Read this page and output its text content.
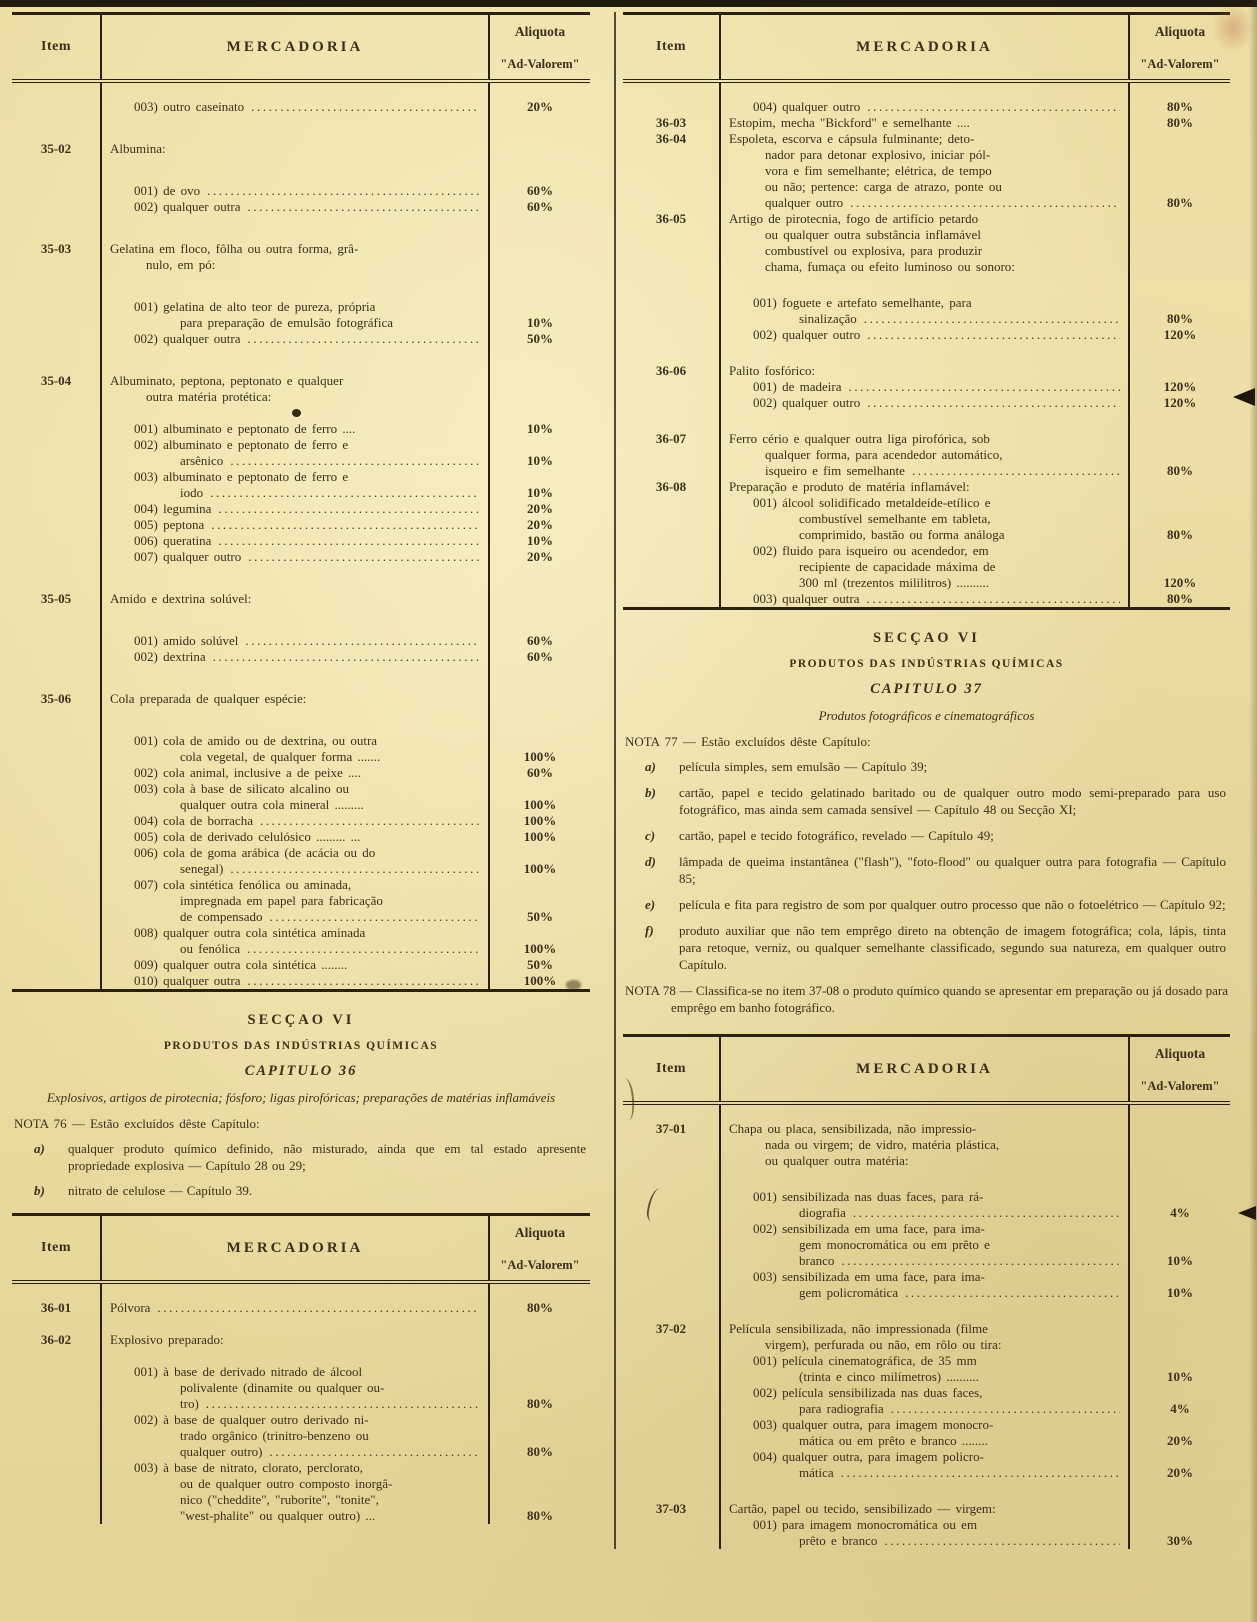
Item	MERCADORIA
Aliquota
"Ad-Valorem"
003) outro caseinato .....	20%
35-02	Albumina:
001) de ovo .....	60%
002) qualquer outra .....	60%
35-03	Gelatina em floco, fôlha ou outra forma, grâ-
nulo, em pó:
001) gelatina de alto teor de pureza, própria
para preparação de emulsão fotográfica	10%
002) qualquer outra .....	50%
35-04	Albuminato, peptona, peptonato e qualquer
outra matéria protética:
001) albuminato e peptonato de ferro ....	10%
002) albuminato e peptonato de ferro e
arsênico .....	10%
003) albuminato e peptonato de ferro e
iodo .....	10%
004) legumina .....	20%
005) peptona .....	20%
006) queratina .....	10%
007) qualquer outro .....	20%
35-05	Amido e dextrina solúvel:
001) amido solúvel .....	60%
002) dextrina .....	60%
35-06	Cola preparada de qualquer espécie:
001) cola de amido ou de dextrina, ou outra
cola vegetal, de qualquer forma .......	100%
002) cola animal, inclusive a de peixe ....	60%
003) cola à base de silicato alcalino ou
qualquer outra cola mineral .........	100%
004) cola de borracha .....	100%
005) cola de derivado celulósico ......... ...	100%
006) cola de goma arábica (de acácia ou do
senegal) .....	100%
007) cola sintética fenólica ou aminada,
impregnada em papel para fabricação
de compensado .....	50%
008) qualquer outra cola sintética aminada
ou fenólica .....	100%
009) qualquer outra cola sintética ........	50%
010) qualquer outra .....	100%
SECÇAO VI
PRODUTOS DAS INDÚSTRIAS QUÍMICAS
CAPITULO 36
Explosivos, artigos de pirotecnia; fósforo; ligas pirofóricas; preparações de matérias inflamáveis
NOTA 76 — Estão excluídos dêste Capítulo:
a)	qualquer produto químico definido, não misturado, ainda que em tal estado apresente propriedade explosiva — Capítulo 28 ou 29;
b)	nitrato de celulose — Capítulo 39.
Item	MERCADORIA
Aliquota
"Ad-Valorem"
36-01	Pólvora .....	80%
36-02	Explosivo preparado:
001) à base de derivado nitrado de álcool
polivalente (dinamite ou qualquer ou-
tro) .....	80%
002) à base de qualquer outro derivado ni-
trado orgânico (trinitro-benzeno ou
qualquer outro) .....	80%
003) à base de nitrato, clorato, perclorato,
ou de qualquer outro composto inorgâ-
nico ("cheddite", "ruborite", "tonite",
"west-phalite" ou qualquer outro) ...	80%
Item	MERCADORIA
Aliquota
"Ad-Valorem"
004) qualquer outro .....	80%
36-03	Estopim, mecha "Bickford" e semelhante ....	80%
36-04	Espoleta, escorva e cápsula fulminante; deto-
nador para detonar explosivo, iniciar pól-
vora e fim semelhante; elétrica, de tempo
ou não; pertence: carga de atrazo, ponte ou
qualquer outro .....	80%
36-05	Artigo de pirotecnia, fogo de artifício petardo
ou qualquer outra substância inflamável
combustível ou explosiva, para produzir
chama, fumaça ou efeito luminoso ou sonoro:
001) foguete e artefato semelhante, para
sinalização .....	80%
002) qualquer outro .....	120%
36-06	Palito fosfórico:
001) de madeira .....	120%
002) qualquer outro .....	120%
36-07	Ferro cério e qualquer outra liga pirofórica, sob
qualquer forma, para acendedor automático,
isqueiro e fim semelhante .....	80%
36-08	Preparação e produto de matéria inflamável:
001) álcool solidificado metaldeíde-etílico e
combustível semelhante em tableta,
comprimido, bastão ou forma análoga	80%
002) fluido para isqueiro ou acendedor, em
recipiente de capacidade máxima de
300 ml (trezentos mililitros) ..........	120%
003) qualquer outra .....	80%
SECÇAO VI
PRODUTOS DAS INDÚSTRIAS QUÍMICAS
CAPITULO 37
Produtos fotográficos e cinematográficos
NOTA 77 — Estão excluídos dêste Capítulo:
a)	película simples, sem emulsão — Capítulo 39;
b)	cartão, papel e tecido gelatinado baritado ou de qualquer outro modo semi-preparado para uso fotográfico, mas ainda sem camada sensível — Capítulo 48 ou Secção XI;
c)	cartão, papel e tecido fotográfico, revelado — Capítulo 49;
d)	lâmpada de queima instantânea ("flash"), "foto-flood" ou qualquer outra para fotografia — Capítulo 85;
e)	película e fita para registro de som por qualquer outro processo que não o fotoelétrico — Capítulo 92;
f)	produto auxiliar que não tem emprêgo direto na obtenção de imagem fotográfica; cola, lápis, tinta para retoque, verniz, ou qualquer semelhante classificado, segundo sua natureza, em qualquer outro Capítulo.
NOTA 78 — Classifica-se no item 37-08 o produto químico quando se apresentar em preparação ou já dosado para emprêgo em banho fotográfico.
Item	MERCADORIA
Aliquota
"Ad-Valorem"
37-01	Chapa ou placa, sensibilizada, não impressio-
nada ou virgem; de vidro, matéria plástica,
ou qualquer outra matéria:
001) sensibilizada nas duas faces, para rá-
diografia .....	4%
002) sensibilizada em uma face, para ima-
gem monocromática ou em prêto e
branco .....	10%
003) sensibilizada em uma face, para ima-
gem policromática .....	10%
37-02	Película sensibilizada, não impressionada (filme
virgem), perfurada ou não, em rôlo ou tira:
001) película cinematográfica, de 35 mm
(trinta e cinco milímetros) ..........	10%
002) película sensibilizada nas duas faces,
para radiografia .....	4%
003) qualquer outra, para imagem monocro-
mática ou em prêto e branco ........	20%
004) qualquer outra, para imagem policro-
mática .....	20%
37-03	Cartão, papel ou tecido, sensibilizado — virgem:
001) para imagem monocromática ou em
prêto e branco .....	30%
